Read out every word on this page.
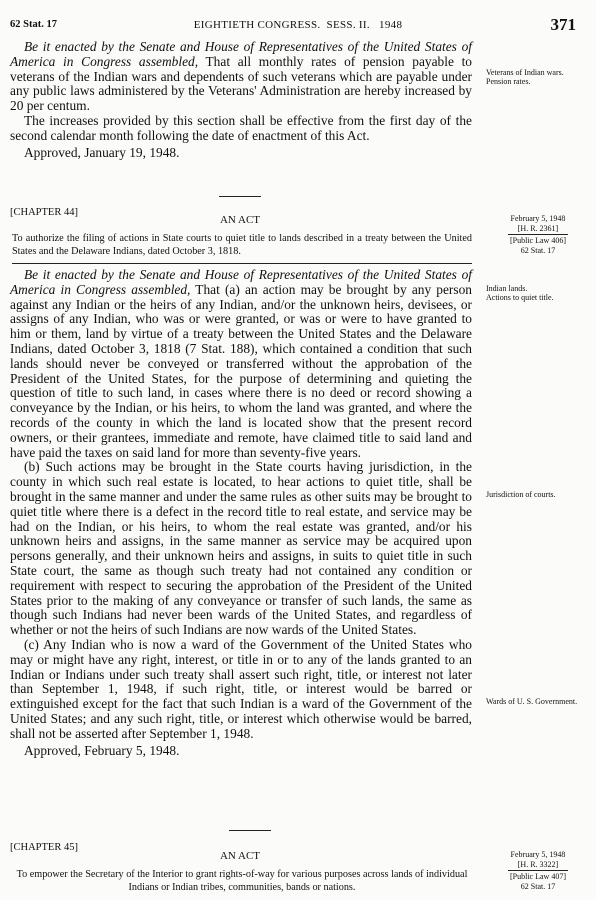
62 Stat. 17	EIGHTIETH CONGRESS.  SESS. II.   1948	371

Be it enacted by the Senate and House of Representatives of the United States of America in Congress assembled, That all monthly rates of pension payable to veterans of the Indian wars and dependents of such veterans which are payable under any public laws administered by the Veterans' Administration are hereby increased by 20 per centum.

The increases provided by this section shall be effective from the first day of the second calendar month following the date of enactment of this Act.

Approved, January 19, 1948.

Veterans of Indian wars.
Pension rates.
[CHAPTER 44]
AN ACT
To authorize the filing of actions in State courts to quiet title to lands described in a treaty between the United States and the Delaware Indians, dated October 3, 1818.
February 5, 1948
[H. R. 2361]
[Public Law 406]
62 Stat. 17

Be it enacted by the Senate and House of Representatives of the United States of America in Congress assembled, That (a) an action may be brought by any person against any Indian or the heirs of any Indian, and/or the unknown heirs, devisees, or assigns of any Indian, who was or were granted, or was or were to have granted to him or them, land by virtue of a treaty between the United States and the Delaware Indians, dated October 3, 1818 (7 Stat. 188), which contained a condition that such lands should never be conveyed or transferred without the approbation of the President of the United States, for the purpose of determining and quieting the question of title to such land, in cases where there is no deed or record showing a conveyance by the Indian, or his heirs, to whom the land was granted, and where the records of the county in which the land is located show that the present record owners, or their grantees, immediate and remote, have claimed title to said land and have paid the taxes on said land for more than seventy-five years.

(b) Such actions may be brought in the State courts having jurisdiction, in the county in which such real estate is located, to hear actions to quiet title, shall be brought in the same manner and under the same rules as other suits may be brought to quiet title where there is a defect in the record title to real estate, and service may be had on the Indian, or his heirs, to whom the real estate was granted, and/or his unknown heirs and assigns, in the same manner as service may be acquired upon persons generally, and their unknown heirs and assigns, in suits to quiet title in such State court, the same as though such treaty had not contained any condition or requirement with respect to securing the approbation of the President of the United States prior to the making of any conveyance or transfer of such lands, the same as though such Indians had never been wards of the United States, and regardless of whether or not the heirs of such Indians are now wards of the United States.

(c) Any Indian who is now a ward of the Government of the United States who may or might have any right, interest, or title in or to any of the lands granted to an Indian or Indians under such treaty shall assert such right, title, or interest not later than September 1, 1948, if such right, title, or interest would be barred or extinguished except for the fact that such Indian is a ward of the Government of the United States; and any such right, title, or interest which otherwise would be barred, shall not be asserted after September 1, 1948.

Approved, February 5, 1948.

Indian lands.
Actions to quiet title.
Jurisdiction of courts.
Wards of U. S. Government.
[CHAPTER 45]
AN ACT
To empower the Secretary of the Interior to grant rights-of-way for various purposes across lands of individual Indians or Indian tribes, communities, bands or nations.
February 5, 1948
[H. R. 3322]
[Public Law 407]
62 Stat. 17
